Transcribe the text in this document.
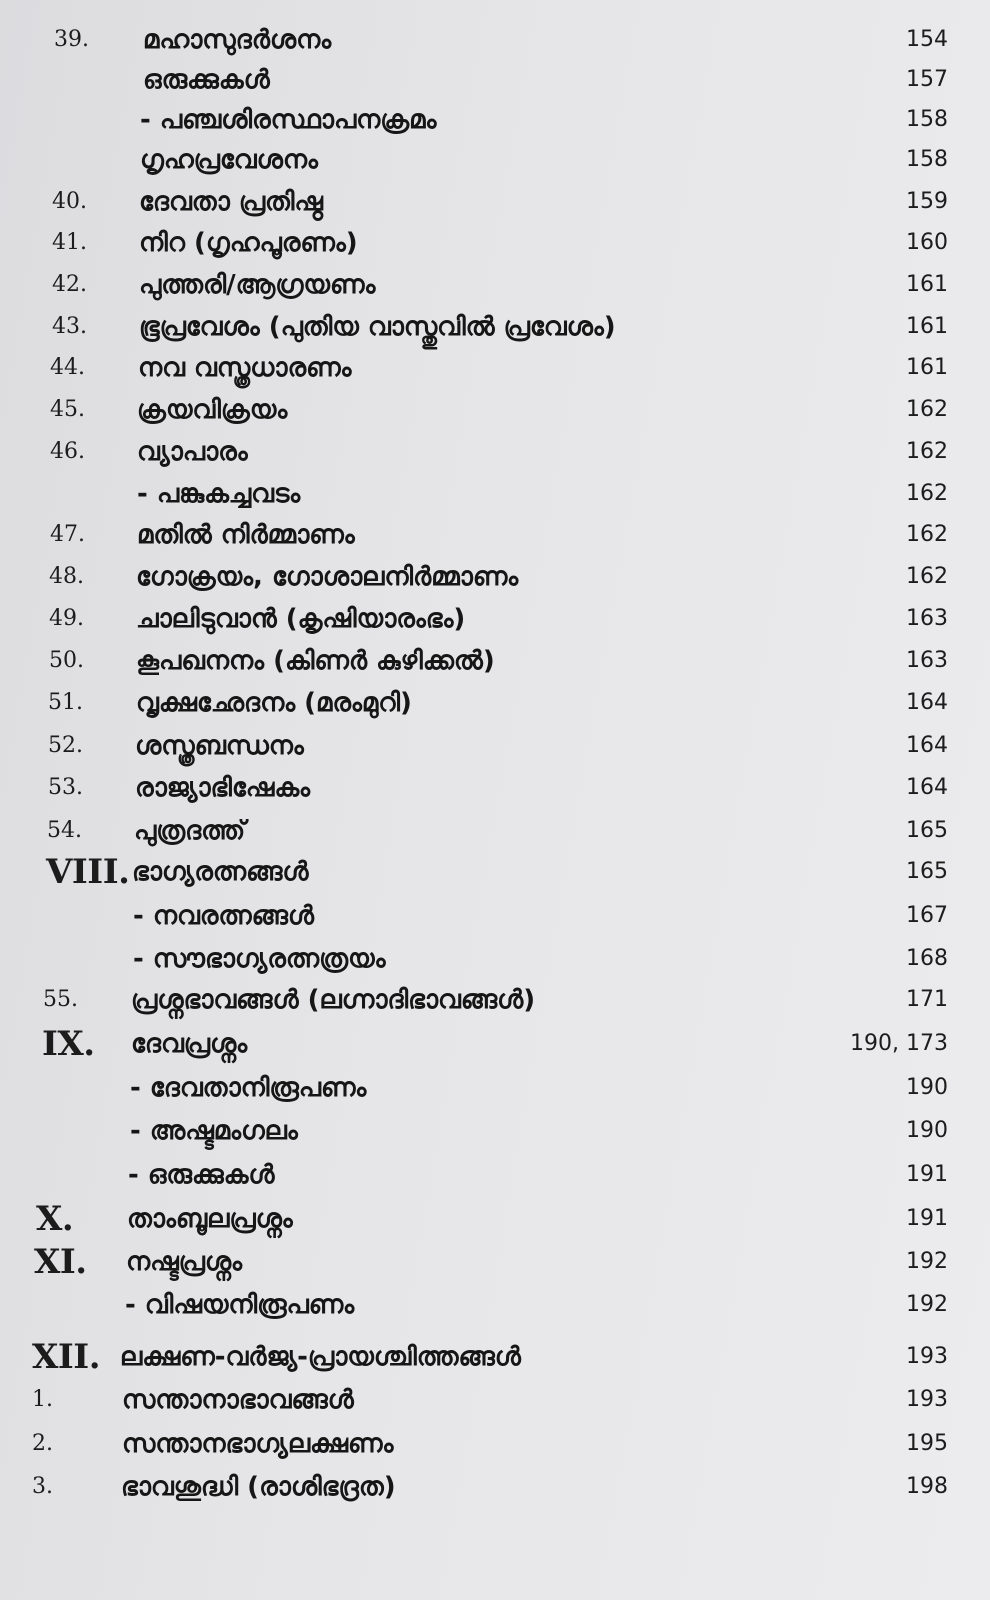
39. മഹാസുദർശനം	154
ഒരുക്കുകൾ	157
- പഞ്ചശിരസ്ഥാപനക്രമം	158
ഗൃഹപ്രവേശനം	158
40. ദേവതാ പ്രതിഷ്ഠ	159
41. നിറ (ഗൃഹപൂരണം)	160
42. പുത്തരി/ആഗ്രയണം	161
43. ഭൂപ്രവേശം (പുതിയ വാസ്തുവിൽ പ്രവേശം)	161
44. നവ വസ്ത്രധാരണം	161
45. ക്രയവിക്രയം	162
46. വ്യാപാരം	162
- പങ്കുകച്ചവടം	162
47. മതിൽ നിർമ്മാണം	162
48. ഗോക്രയം, ഗോശാലനിർമ്മാണം	162
49. ചാലിടുവാൻ (കൃഷിയാരംഭം)	163
50. കൂപഖനനം (കിണർ കുഴിക്കൽ)	163
51. വൃക്ഷഛേദനം (മരംമുറി)	164
52. ശസ്ത്രബന്ധനം	164
53. രാജ്യാഭിഷേകം	164
54. പുത്രദത്ത്	165
VIII. ഭാഗ്യരത്നങ്ങൾ	165
- നവരത്നങ്ങൾ	167
- സൗഭാഗ്യരത്നത്രയം	168
55. പ്രശ്നഭാവങ്ങൾ (ലഗ്നാദിഭാവങ്ങൾ)	171
IX. ദേവപ്രശ്നം	190, 173
- ദേവതാനിരൂപണം	190
- അഷ്ടമംഗലം	190
- ഒരുക്കുകൾ	191
X. താംബൂലപ്രശ്നം	191
XI. നഷ്ടപ്രശ്നം	192
- വിഷയനിരൂപണം	192
XII. ലക്ഷണ-വർജ്യ-പ്രായശ്ചിത്തങ്ങൾ	193
1.	സന്താനാഭാവങ്ങൾ	193
2.	സന്താനഭാഗ്യലക്ഷണം	195
3.	ഭാവശുദ്ധി (രാശിഭദ്രത)	198
